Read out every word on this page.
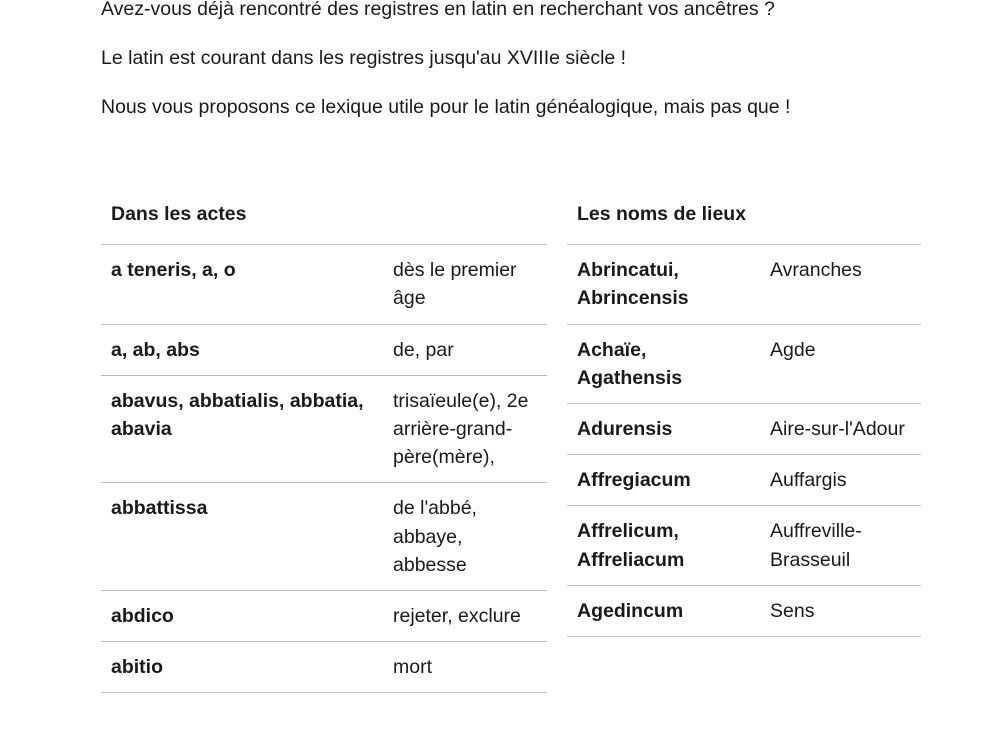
Avez-vous déjà rencontré des registres en latin en recherchant vos ancêtres ?

Le latin est courant dans les registres jusqu'au XVIIIe siècle !

Nous vous proposons ce lexique utile pour le latin généalogique, mais pas que !

Dans les actes	
a teneris, a, o	dès le premier âge
a, ab, abs	de, par
abavus, abbatialis, abbatia, abavia	trisaïeule(e), 2e arrière-grand-père(mère),
abbattissa	de l'abbé, abbaye, abbesse
abdico	rejeter, exclure
abitio	mort
Les noms de lieux	
Abrincatui, Abrincensis	Avranches
Achaïe, Agathensis	Agde
Adurensis	Aire-sur-l'Adour
Affregiacum	Auffargis
Affrelicum, Affreliacum	Auffreville-Brasseuil
Agedincum	Sens
